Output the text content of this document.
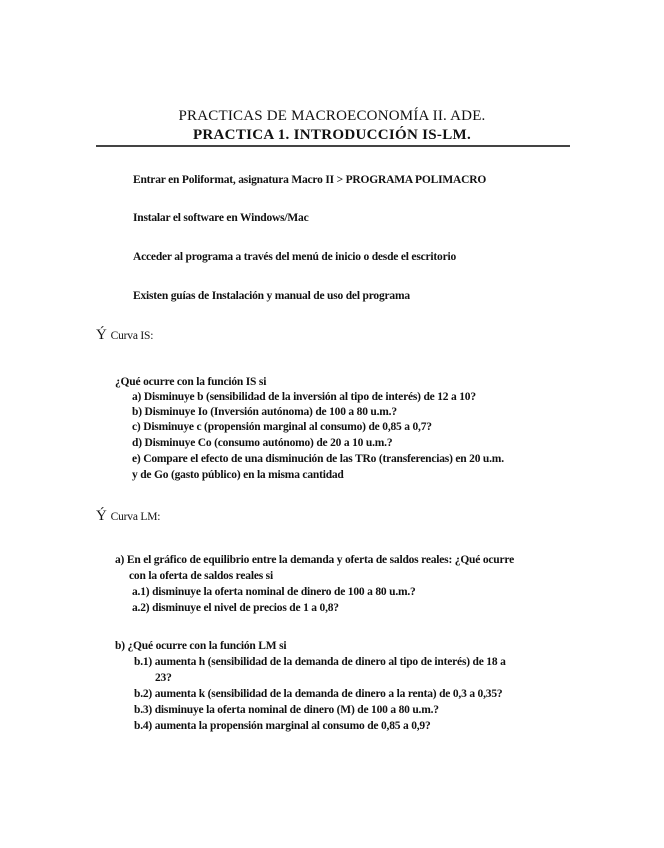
PRACTICAS DE MACROECONOMÍA II. ADE.
PRACTICA 1. INTRODUCCIÓN IS-LM.
Entrar en Poliformat, asignatura Macro II > PROGRAMA POLIMACRO
Instalar el software en Windows/Mac
Acceder al programa a través del menú de inicio o desde el escritorio
Existen guías de Instalación y manual de uso del programa
Ý Curva IS:
¿Qué ocurre con la función IS si
a) Disminuye b (sensibilidad de la inversión al tipo de interés) de 12 a 10?
b) Disminuye Io (Inversión autónoma) de 100 a 80 u.m.?
c) Disminuye c (propensión marginal al consumo) de 0,85 a 0,7?
d) Disminuye Co (consumo autónomo) de 20 a 10 u.m.?
e) Compare el efecto de una disminución de las TRo (transferencias) en 20 u.m.
y de Go (gasto público) en la misma cantidad
Ý Curva LM:
a) En el gráfico de equilibrio entre la demanda y oferta de saldos reales: ¿Qué ocurre
con la oferta de saldos reales si
a.1) disminuye la oferta nominal de dinero de 100 a 80 u.m.?
a.2) disminuye el nivel de precios de 1 a 0,8?
b) ¿Qué ocurre con la función LM si
b.1) aumenta h (sensibilidad de la demanda de dinero al tipo de interés) de 18 a
23?
b.2) aumenta k (sensibilidad de la demanda de dinero a la renta) de 0,3 a 0,35?
b.3) disminuye la oferta nominal de dinero (M) de 100 a 80 u.m.?
b.4) aumenta la propensión marginal al consumo de 0,85 a 0,9?
